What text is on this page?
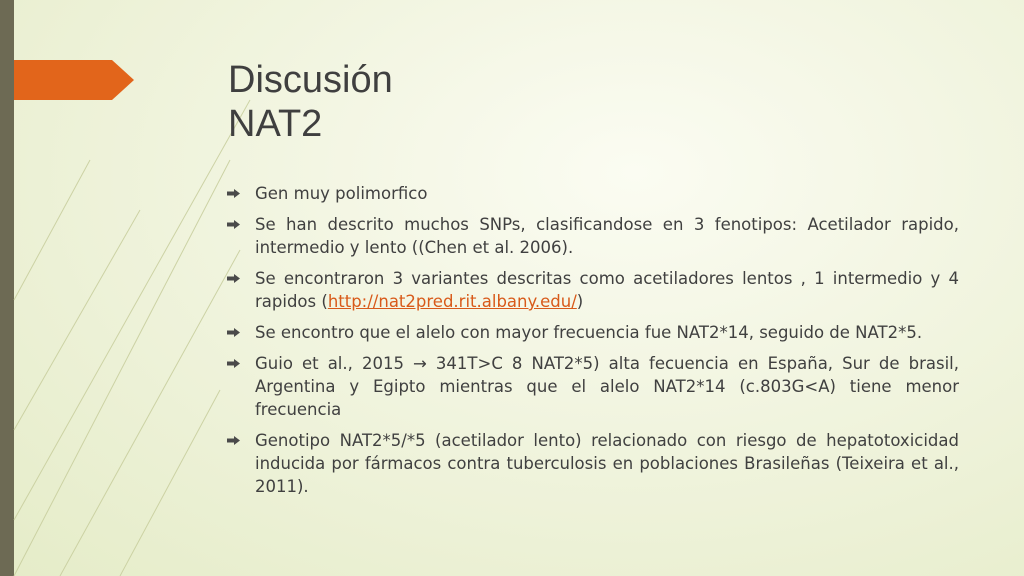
Discusión
NAT2
Gen muy polimorfico
Se han descrito muchos SNPs, clasificandose en 3 fenotipos: Acetilador rapido, intermedio y lento ((Chen et al. 2006).
Se encontraron 3 variantes descritas como acetiladores lentos , 1 intermedio y 4 rapidos (http://nat2pred.rit.albany.edu/)
Se encontro que el alelo con mayor frecuencia fue NAT2*14, seguido de NAT2*5.
Guio et al., 2015 → 341T>C 8 NAT2*5) alta fecuencia en España, Sur de brasil, Argentina y Egipto mientras que el alelo NAT2*14 (c.803G<A) tiene menor frecuencia
Genotipo NAT2*5/*5 (acetilador lento) relacionado con riesgo de hepatotoxicidad inducida por fármacos contra tuberculosis en poblaciones Brasileñas (Teixeira et al., 2011).
